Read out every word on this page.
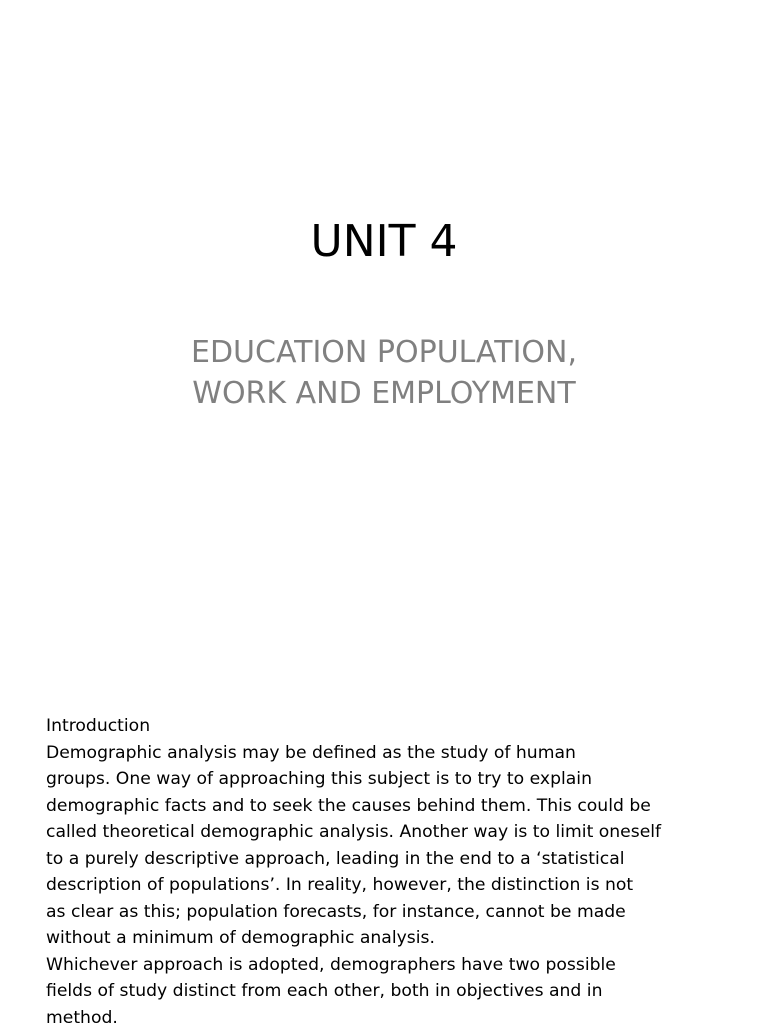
UNIT 4
EDUCATION POPULATION,
WORK AND EMPLOYMENT
Introduction
Demographic analysis may be defined as the study of human
groups. One way of approaching this subject is to try to explain
demographic facts and to seek the causes behind them. This could be
called theoretical demographic analysis. Another way is to limit oneself
to a purely descriptive approach, leading in the end to a ‘statistical
description of populations’. In reality, however, the distinction is not
as clear as this; population forecasts, for instance, cannot be made
without a minimum of demographic analysis.
Whichever approach is adopted, demographers have two possible
fields of study distinct from each other, both in objectives and in
method.
